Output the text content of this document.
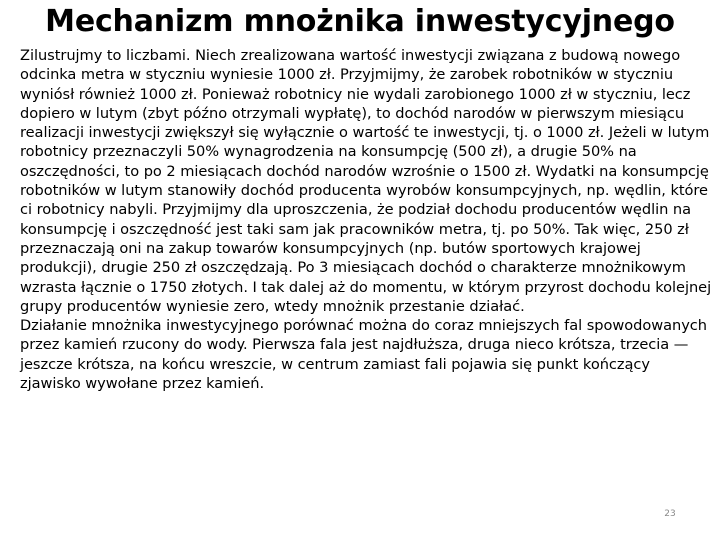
Mechanizm mnożnika inwestycyjnego

Zilustrujmy to liczbami. Niech zrealizowana wartość inwestycji związana z budową nowego odcinka metra w styczniu wyniesie 1000 zł. Przyjmijmy, że zarobek robotników w styczniu wyniósł również 1000 zł. Ponieważ robotnicy nie wydali zarobionego 1000 zł w styczniu, lecz dopiero w lutym (zbyt późno otrzymali wypłatę), to dochód narodów w pierwszym miesiącu realizacji inwestycji zwiększył się wyłącznie o wartość te inwestycji, tj. o 1000 zł. Jeżeli w lutym robotnicy przeznaczyli 50% wynagrodzenia na konsumpcję (500 zł), a drugie 50% na oszczędności, to po 2 miesiącach dochód narodów wzrośnie o 1500 zł. Wydatki na konsumpcję robotników w lutym stanowiły dochód producenta wyrobów konsumpcyjnych, np. wędlin, które ci robotnicy nabyli. Przyjmijmy dla uproszczenia, że podział dochodu producentów wędlin na konsumpcję i oszczędność jest taki sam jak pracowników metra, tj. po 50%. Tak więc, 250 zł przeznaczają oni na zakup towarów konsumpcyjnych (np. butów sportowych krajowej produkcji), drugie 250 zł oszczędzają. Po 3 miesiącach dochód o charakterze mnożnikowym wzrasta łącznie o 1750 złotych. I tak dalej aż do momentu, w którym przyrost dochodu kolejnej grupy producentów wyniesie zero, wtedy mnożnik przestanie działać.

Działanie mnożnika inwestycyjnego porównać można do coraz mniejszych fal spowodowanych przez kamień rzucony do wody. Pierwsza fala jest najdłuższa, druga nieco krótsza, trzecia —jeszcze krótsza, na końcu wreszcie, w centrum zamiast fali pojawia się punkt kończący zjawisko wywołane przez kamień.

23
